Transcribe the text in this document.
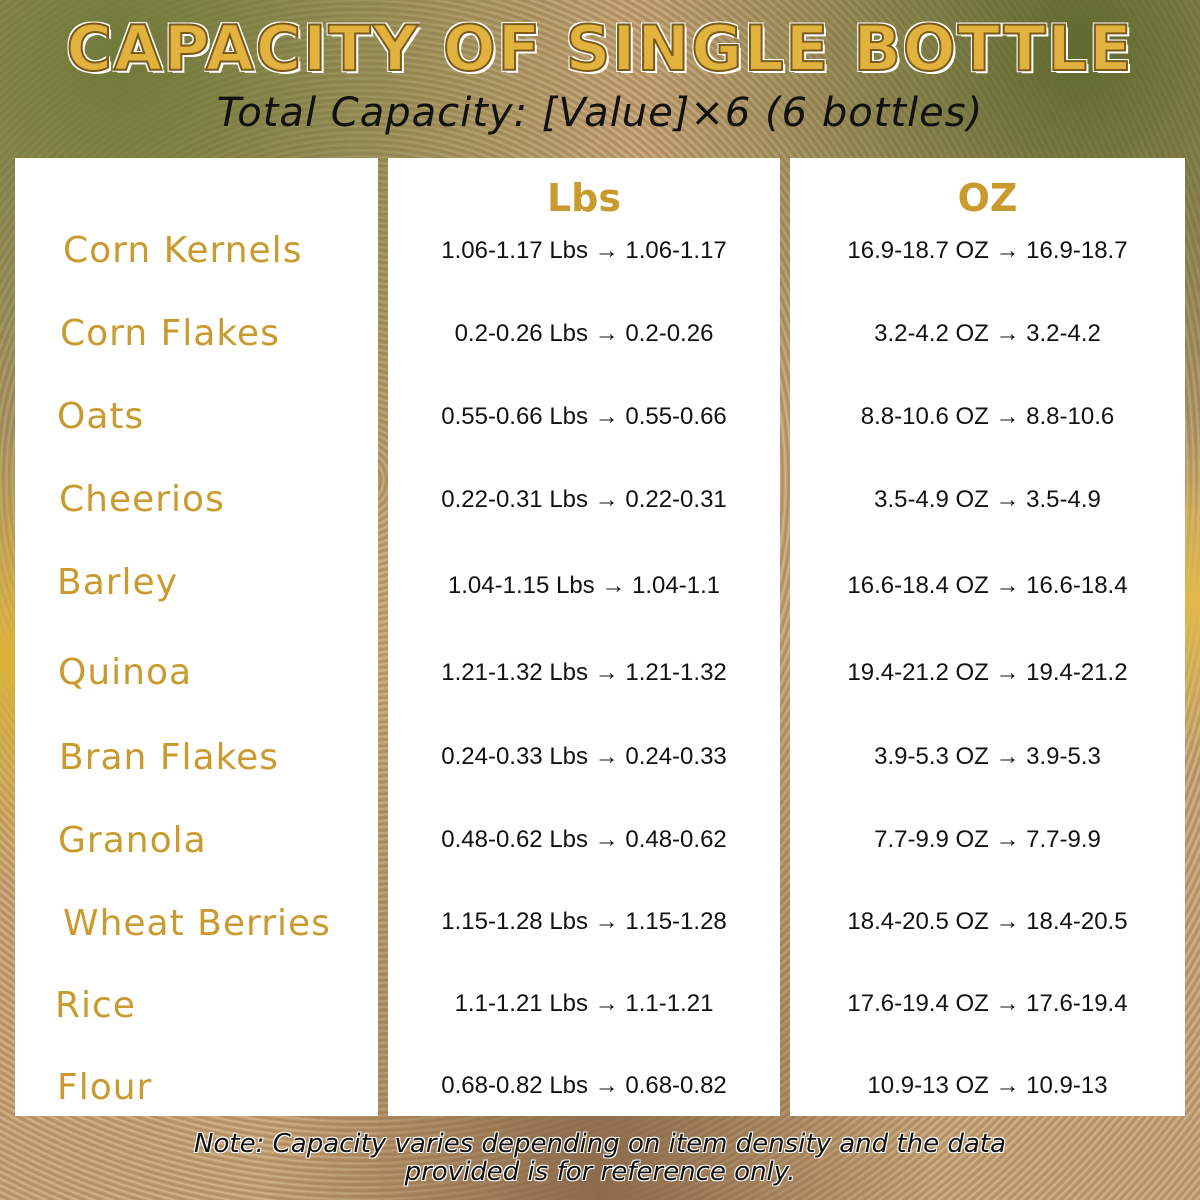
CAPACITY OF SINGLE BOTTLE
Total Capacity: [Value]×6 (6 bottles)
Corn Kernels
Corn Flakes
Oats
Cheerios
Barley
Quinoa
Bran Flakes
Granola
Wheat Berries
Rice
Flour
Lbs
1.06-1.17 Lbs → 1.06-1.17
0.2-0.26 Lbs → 0.2-0.26
0.55-0.66 Lbs → 0.55-0.66
0.22-0.31 Lbs → 0.22-0.31
1.04-1.15 Lbs → 1.04-1.1
1.21-1.32 Lbs → 1.21-1.32
0.24-0.33 Lbs → 0.24-0.33
0.48-0.62 Lbs → 0.48-0.62
1.15-1.28 Lbs → 1.15-1.28
1.1-1.21 Lbs → 1.1-1.21
0.68-0.82 Lbs → 0.68-0.82
OZ
16.9-18.7 OZ → 16.9-18.7
3.2-4.2 OZ → 3.2-4.2
8.8-10.6 OZ → 8.8-10.6
3.5-4.9 OZ → 3.5-4.9
16.6-18.4 OZ → 16.6-18.4
19.4-21.2 OZ → 19.4-21.2
3.9-5.3 OZ → 3.9-5.3
7.7-9.9 OZ → 7.7-9.9
18.4-20.5 OZ → 18.4-20.5
17.6-19.4 OZ → 17.6-19.4
10.9-13 OZ → 10.9-13
Note: Capacity varies depending on item density and the data
provided is for reference only.
